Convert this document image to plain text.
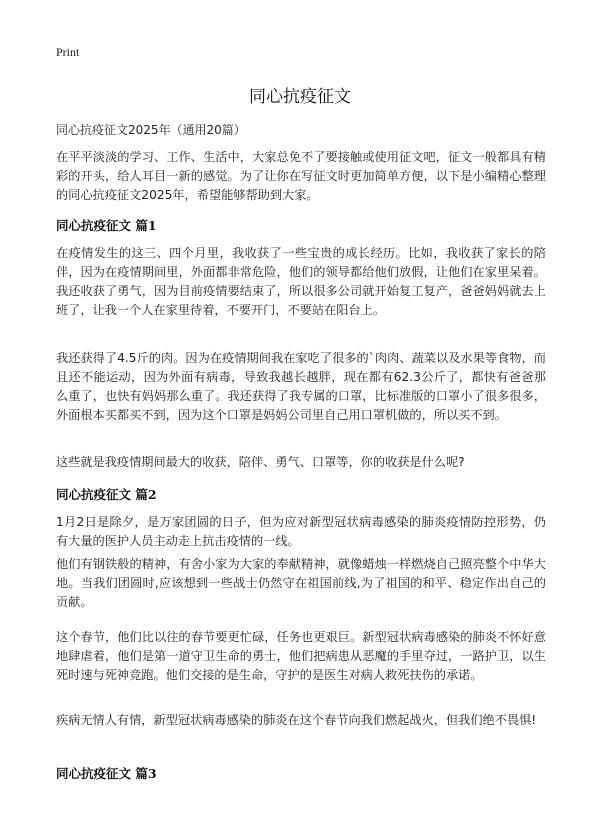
Print
同心抗疫征文
同心抗疫征文2025年（通用20篇）

在平平淡淡的学习、工作、生活中，大家总免不了要接触或使用征文吧，征文一般都具有精彩的开头，给人耳目一新的感觉。为了让你在写征文时更加简单方便，以下是小编精心整理的同心抗疫征文2025年，希望能够帮助到大家。

同心抗疫征文 篇1

在疫情发生的这三、四个月里，我收获了一些宝贵的成长经历。比如，我收获了家长的陪伴，因为在疫情期间里，外面都非常危险，他们的领导都给他们放假，让他们在家里呆着。我还收获了勇气，因为目前疫情要结束了，所以很多公司就开始复工复产，爸爸妈妈就去上班了，让我一个人在家里待着，不要开门，不要站在阳台上。

我还获得了4.5斤的肉。因为在疫情期间我在家吃了很多的`肉肉、蔬菜以及水果等食物，而且还不能运动，因为外面有病毒，导致我越长越胖，现在都有62.3公斤了，都快有爸爸那么重了，也快有妈妈那么重了。我还获得了我专属的口罩，比标准版的口罩小了很多很多，外面根本买都买不到，因为这个口罩是妈妈公司里自己用口罩机做的，所以买不到。

这些就是我疫情期间最大的收获，陪伴、勇气、口罩等，你的收获是什么呢?

同心抗疫征文 篇2

1月2日是除夕，是万家团圆的日子，但为应对新型冠状病毒感染的肺炎疫情防控形势，仍有大量的医护人员主动走上抗击疫情的一线。

他们有钢铁般的精神，有舍小家为大家的奉献精神，就像蜡烛一样燃烧自己照亮整个中华大地。当我们团圆时,应该想到一些战士仍然守在祖国前线,为了祖国的和平、稳定作出自己的贡献。

这个春节，他们比以往的春节要更忙碌，任务也更艰巨。新型冠状病毒感染的肺炎不怀好意地肆虐着，他们是第一道守卫生命的勇士，他们把病患从恶魔的手里夺过，一路护卫，以生死时速与死神竞跑。他们交接的是生命，守护的是医生对病人救死扶伤的承诺。

疾病无情人有情，新型冠状病毒感染的肺炎在这个春节向我们燃起战火，但我们绝不畏惧!

同心抗疫征文 篇3
